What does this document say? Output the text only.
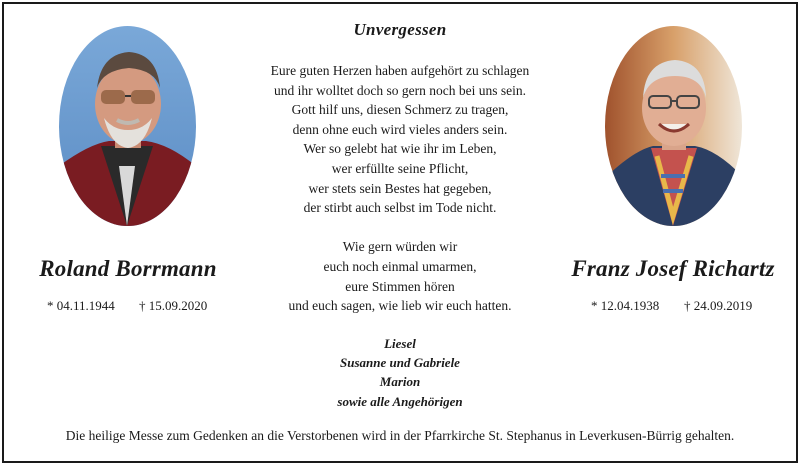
Unvergessen
Eure guten Herzen haben aufgehört zu schlagen
und ihr wolltet doch so gern noch bei uns sein.
Gott hilf uns, diesen Schmerz zu tragen,
denn ohne euch wird vieles anders sein.
Wer so gelebt hat wie ihr im Leben,
wer erfüllte seine Pflicht,
wer stets sein Bestes hat gegeben,
der stirbt auch selbst im Tode nicht.
Wie gern würden wir
euch noch einmal umarmen,
eure Stimmen hören
und euch sagen, wie lieb wir euch hatten.
Roland Borrmann
* 04.11.1944 † 15.09.2020
Franz Josef Richartz
* 12.04.1938 † 24.09.2019
Liesel
Susanne und Gabriele
Marion
sowie alle Angehörigen
Die heilige Messe zum Gedenken an die Verstorbenen wird in der Pfarrkirche St. Stephanus in Leverkusen-Bürrig gehalten.
